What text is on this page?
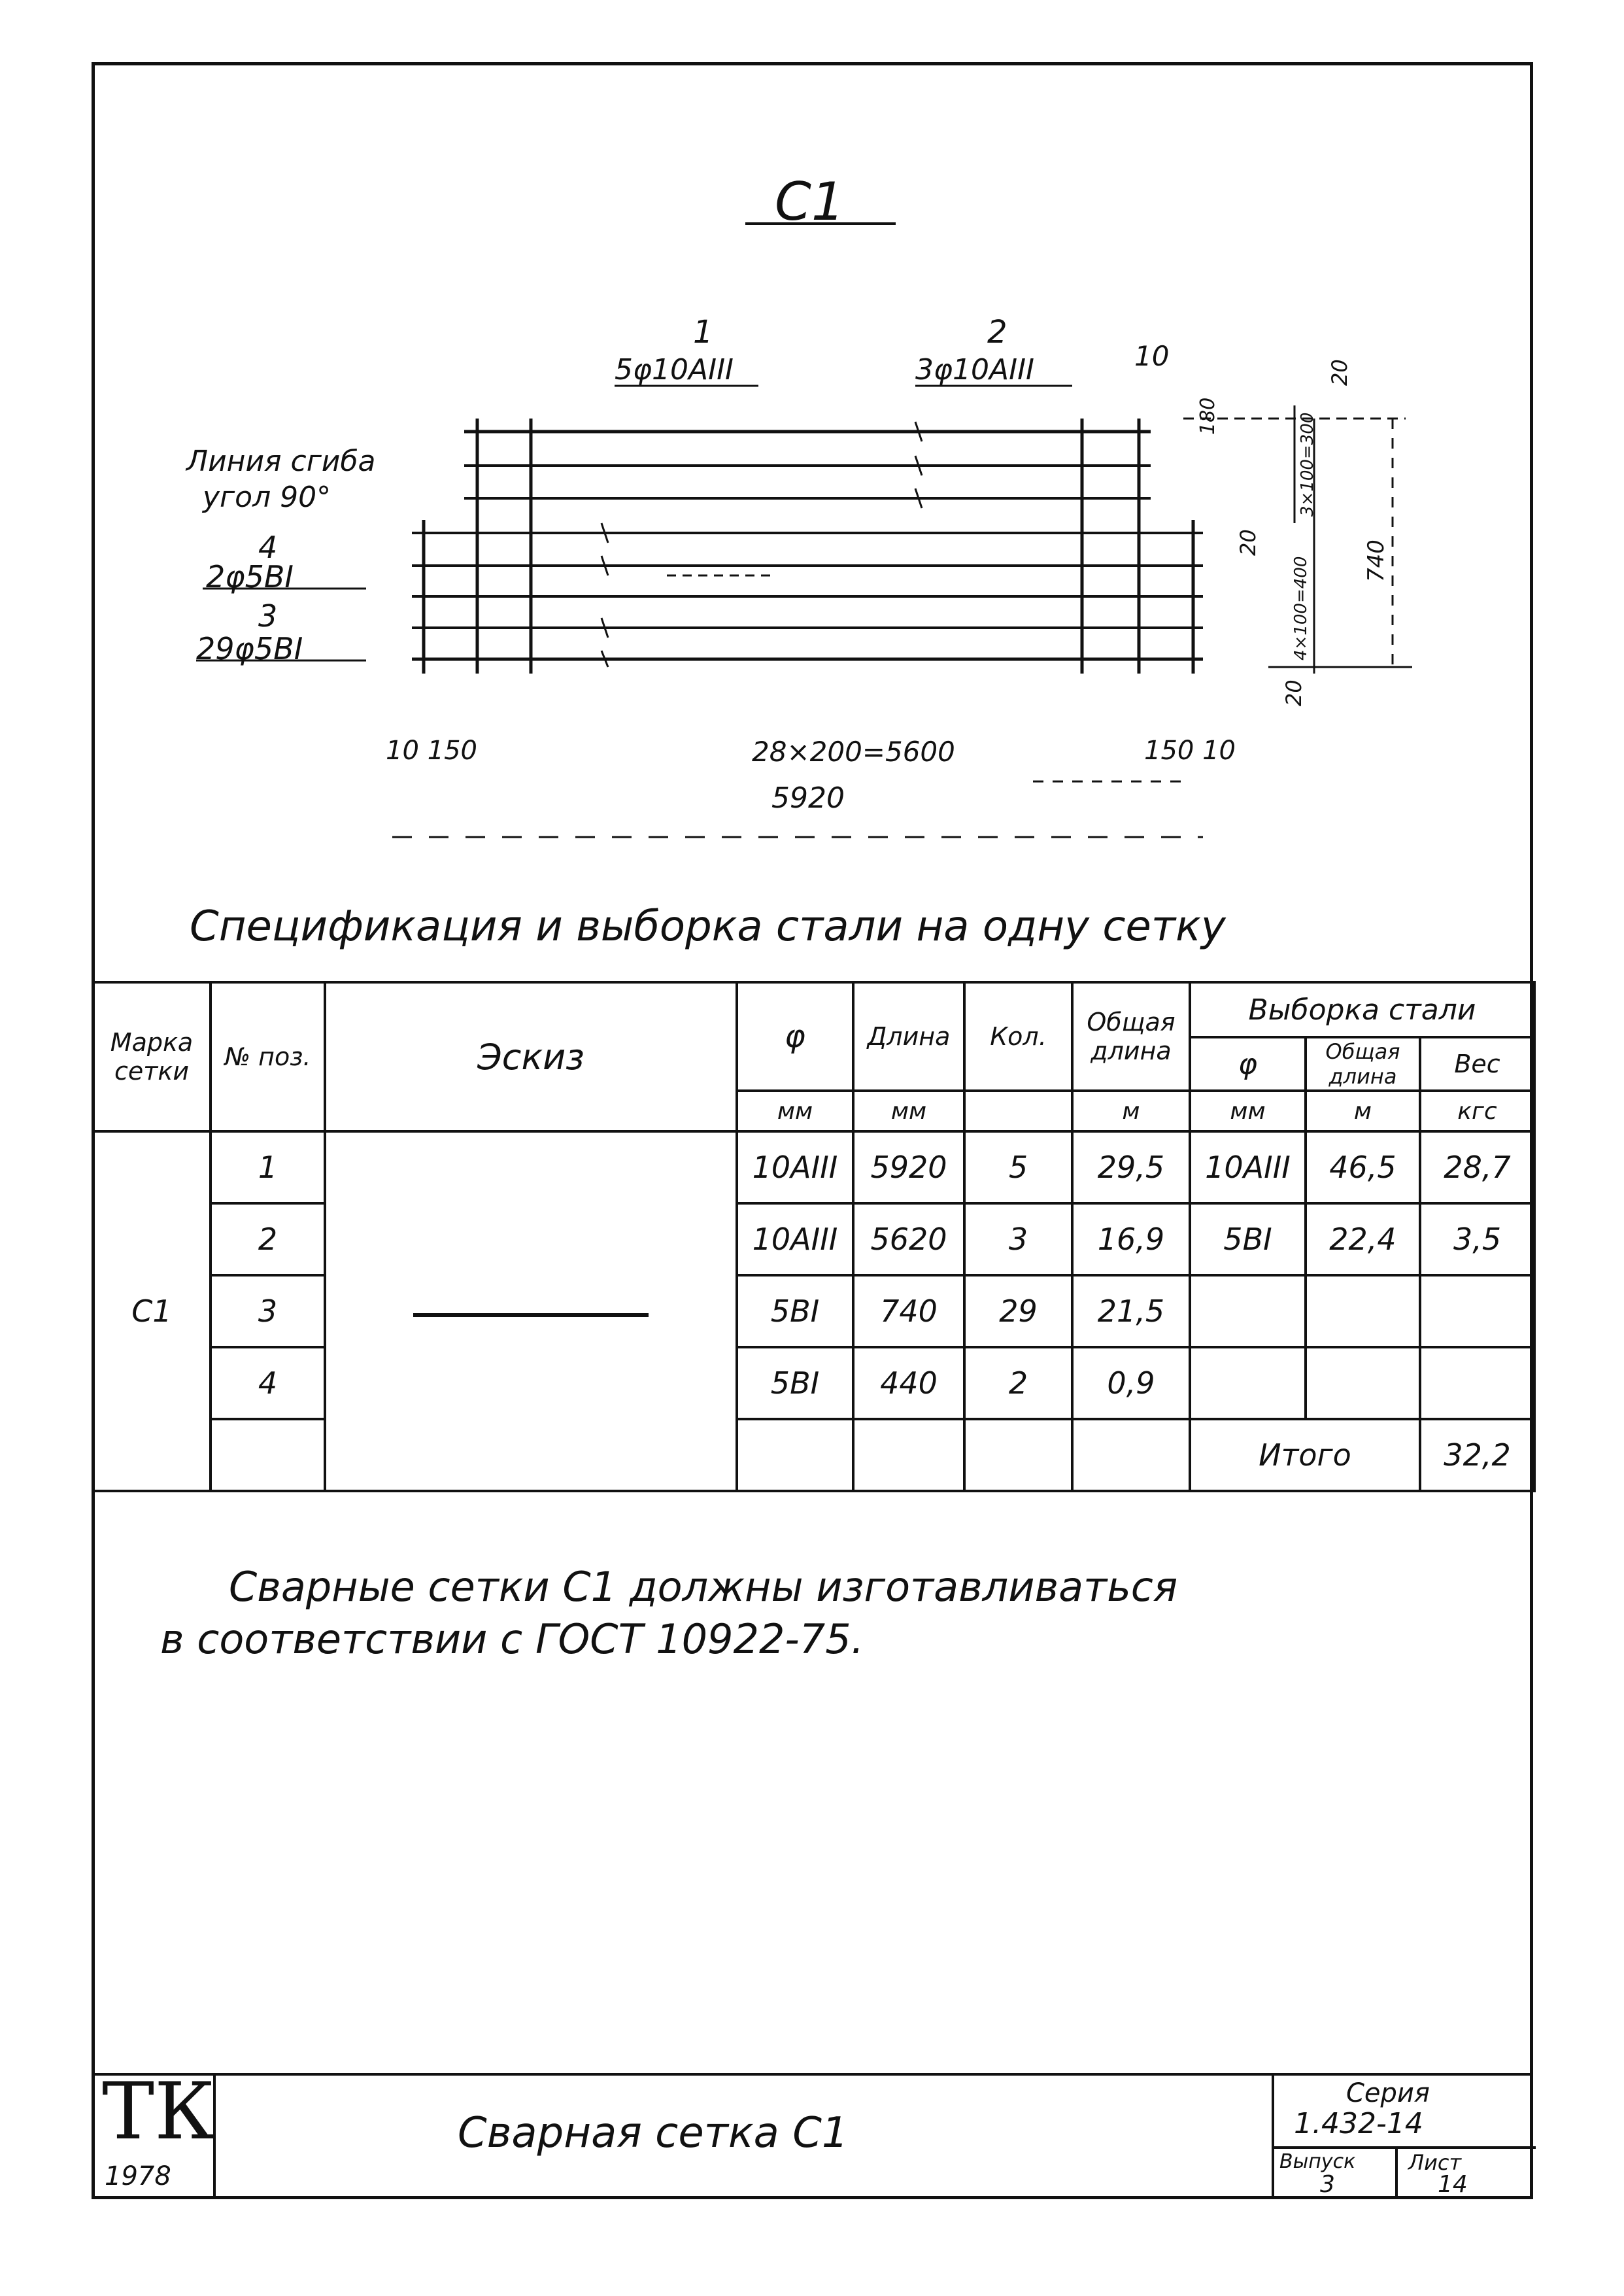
С1
1
5φ10АIII
2
3φ10АIII	10
Линия сгиба
угол 90°
4
2φ5ВI
3
29φ5ВI
10 150	28×200=5600	150 10
5920
180	3×100=300
20
20
4×100=400 740
20
Спецификация и выборка стали на одну сетку
Марка сетки	№ поз.	Эскиз	φ	Длина	Кол.	Общая длина	Выборка стали		
							φ	Общая длина	Вес
			мм	мм		м	мм	м	кгс
С1	1		10АIII	5920	5	29,5	10АIII	46,5	28,7
	2		10АIII	5620	3	16,9	5ВI	22,4	3,5
	3		5ВI	740	29	21,5			
	4		5ВI	440	2	0,9			
							Итого		32,2
Сварные сетки С1 должны изготавливаться
в соответствии с ГОСТ 10922-75.
ТК
1978
Сварная сетка С1
Серия
1.432-14
Выпуск
3
Лист
14
